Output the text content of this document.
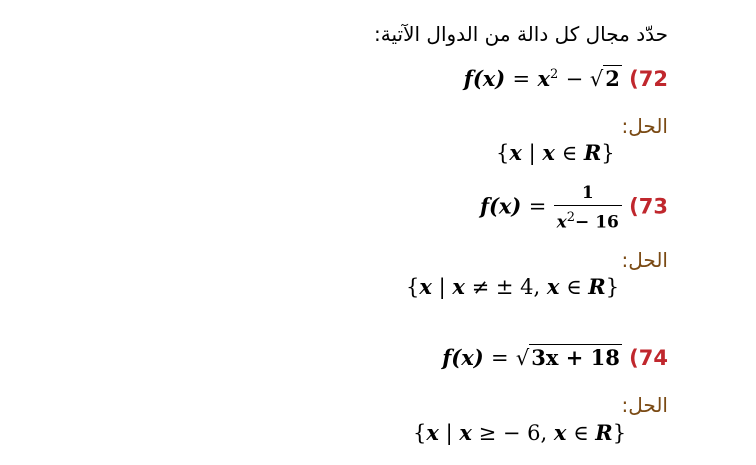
حدّد مجال كل دالة من الدوال الآتية:
$f(x) = x^2 - √2$ (72
الحل:
{x | x ∈ R}
$f(x) = \frac{1}{x^2- 16} (73$
الحل:
{x | x ≠ ± 4, x ∈ R}
f(x) = √3x + 18 (74
الحل:
{x | x ≥ − 6, x ∈ R}
